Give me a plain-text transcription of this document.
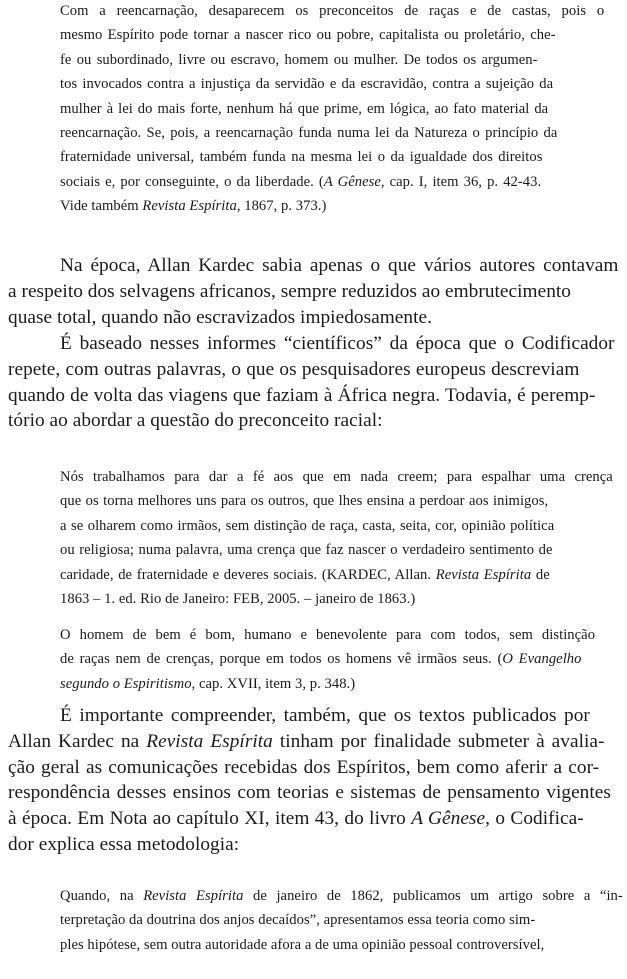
Com a reencarnação, desaparecem os preconceitos de raças e de castas, pois o
mesmo Espírito pode tornar a nascer rico ou pobre, capitalista ou proletário, che-
fe ou subordinado, livre ou escravo, homem ou mulher. De todos os argumen-
tos invocados contra a injustiça da servidão e da escravidão, contra a sujeição da
mulher à lei do mais forte, nenhum há que prime, em lógica, ao fato material da
reencarnação. Se, pois, a reencarnação funda numa lei da Natureza o princípio da
fraternidade universal, também funda na mesma lei o da igualdade dos direitos
sociais e, por conseguinte, o da liberdade. (A Gênese, cap. I, item 36, p. 42-43.
Vide também Revista Espírita, 1867, p. 373.)
Na época, Allan Kardec sabia apenas o que vários autores contavam
a respeito dos selvagens africanos, sempre reduzidos ao embrutecimento
quase total, quando não escravizados impiedosamente.
É baseado nesses informes “científicos” da época que o Codificador
repete, com outras palavras, o que os pesquisadores europeus descreviam
quando de volta das viagens que faziam à África negra. Todavia, é peremp-
tório ao abordar a questão do preconceito racial:
Nós trabalhamos para dar a fé aos que em nada creem; para espalhar uma crença
que os torna melhores uns para os outros, que lhes ensina a perdoar aos inimigos,
a se olharem como irmãos, sem distinção de raça, casta, seita, cor, opinião política
ou religiosa; numa palavra, uma crença que faz nascer o verdadeiro sentimento de
caridade, de fraternidade e deveres sociais. (KARDEC, Allan. Revista Espírita de
1863 – 1. ed. Rio de Janeiro: FEB, 2005. – janeiro de 1863.)
O homem de bem é bom, humano e benevolente para com todos, sem distinção
de raças nem de crenças, porque em todos os homens vê irmãos seus. (O Evangelho
segundo o Espiritismo, cap. XVII, item 3, p. 348.)
É importante compreender, também, que os textos publicados por
Allan Kardec na Revista Espírita tinham por finalidade submeter à avalia-
ção geral as comunicações recebidas dos Espíritos, bem como aferir a cor-
respondência desses ensinos com teorias e sistemas de pensamento vigentes
à época. Em Nota ao capítulo XI, item 43, do livro A Gênese, o Codifica-
dor explica essa metodologia:
Quando, na Revista Espírita de janeiro de 1862, publicamos um artigo sobre a “in-
terpretação da doutrina dos anjos decaídos”, apresentamos essa teoria como sim-
ples hipótese, sem outra autoridade afora a de uma opinião pessoal controversível,
